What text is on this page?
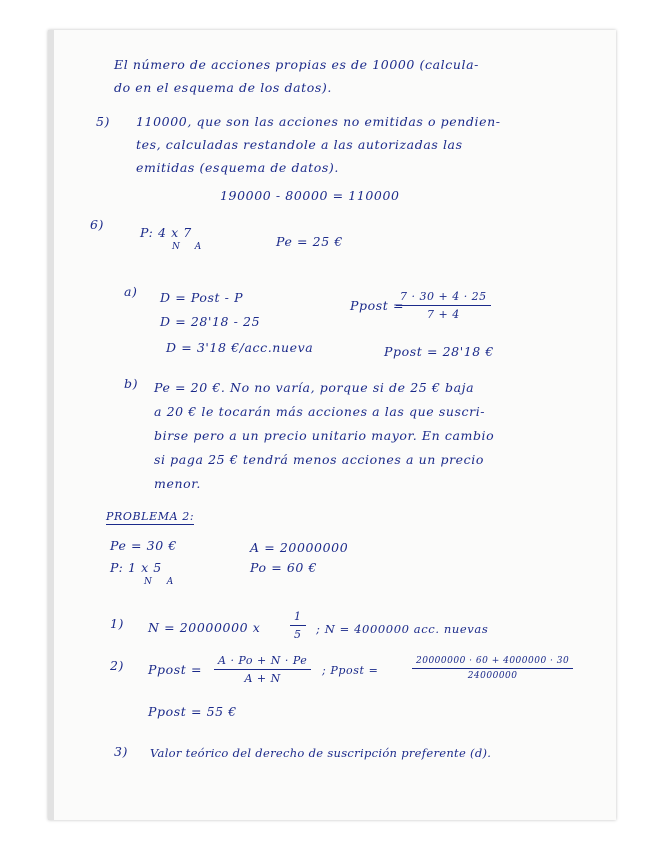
El número de acciones propias es de 10000 (calcula-
do en el esquema de los datos).
5) 110000, que son las acciones no emitidas o pendien-
tes, calculadas restandole a las autorizadas las
emitidas (esquema de datos).
190000 - 80000 = 110000
6)
P: 4 x 7
Pe = 25 €
N A
a) D = Post - P
Ppost =
$\frac{7 \cdot 30 + 4 \cdot 25}{7 + 4}$
D = 28'18 - 25
D = 3'18 €/acc.nueva	Ppost = 28'18 €
b) Pe = 20 €. No no varía, porque si de 25 € baja
a 20 € le tocarán más acciones a las que suscri-
birse pero a un precio unitario mayor. En cambio
si paga 25 € tendrá menos acciones a un precio
menor.
PROBLEMA 2:
Pe = 30 €	A = 20000000
P: 1 x 5	Po = 60 €
N A
1) N = 20000000 x	$\frac{1}{5}$ ; N = 4000000 acc. nuevas
2) Ppost = $\frac{A \cdot Po + N \cdot Pe}{A + N}$ ; Ppost =	$\frac{20000000 \cdot 60 + 4000000 \cdot 30}{24000000}$
Ppost = 55 €
3) Valor teórico del derecho de suscripción preferente (d).
